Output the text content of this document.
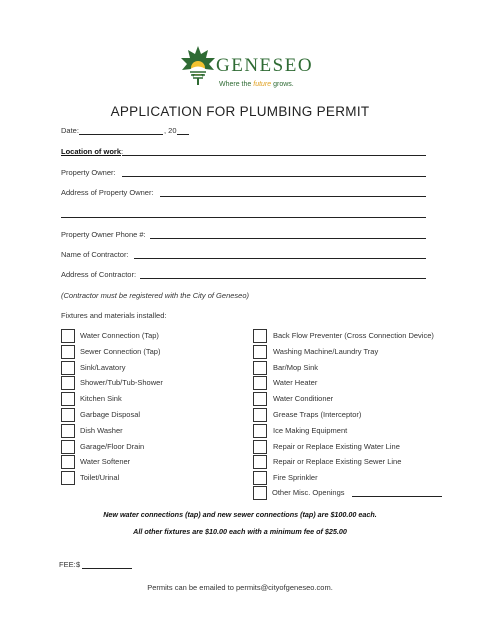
GENESEO
Where the future grows.
APPLICATION FOR PLUMBING PERMIT
Date:	, 20
Location of work:
Property Owner:
Address of Property Owner:
Property Owner Phone #:
Name of Contractor:
Address of Contractor:
(Contractor must be registered with the City of Geneseo)
Fixtures and materials installed:
Water Connection (Tap)
Sewer Connection (Tap)
Sink/Lavatory
Shower/Tub/Tub-Shower
Kitchen Sink
Garbage Disposal
Dish Washer
Garage/Floor Drain
Water Softener
Toilet/Urinal
Back Flow Preventer (Cross Connection Device)
Washing Machine/Laundry Tray
Bar/Mop Sink
Water Heater
Water Conditioner
Grease Traps (Interceptor)
Ice Making Equipment
Repair or Replace Existing Water Line
Repair or Replace Existing Sewer Line
Fire Sprinkler
Other Misc. Openings
New water connections (tap) and new sewer connections (tap) are $100.00 each.
All other fixtures are $10.00 each with a minimum fee of $25.00
FEE: $
Permits can be emailed to permits@cityofgeneseo.com.
